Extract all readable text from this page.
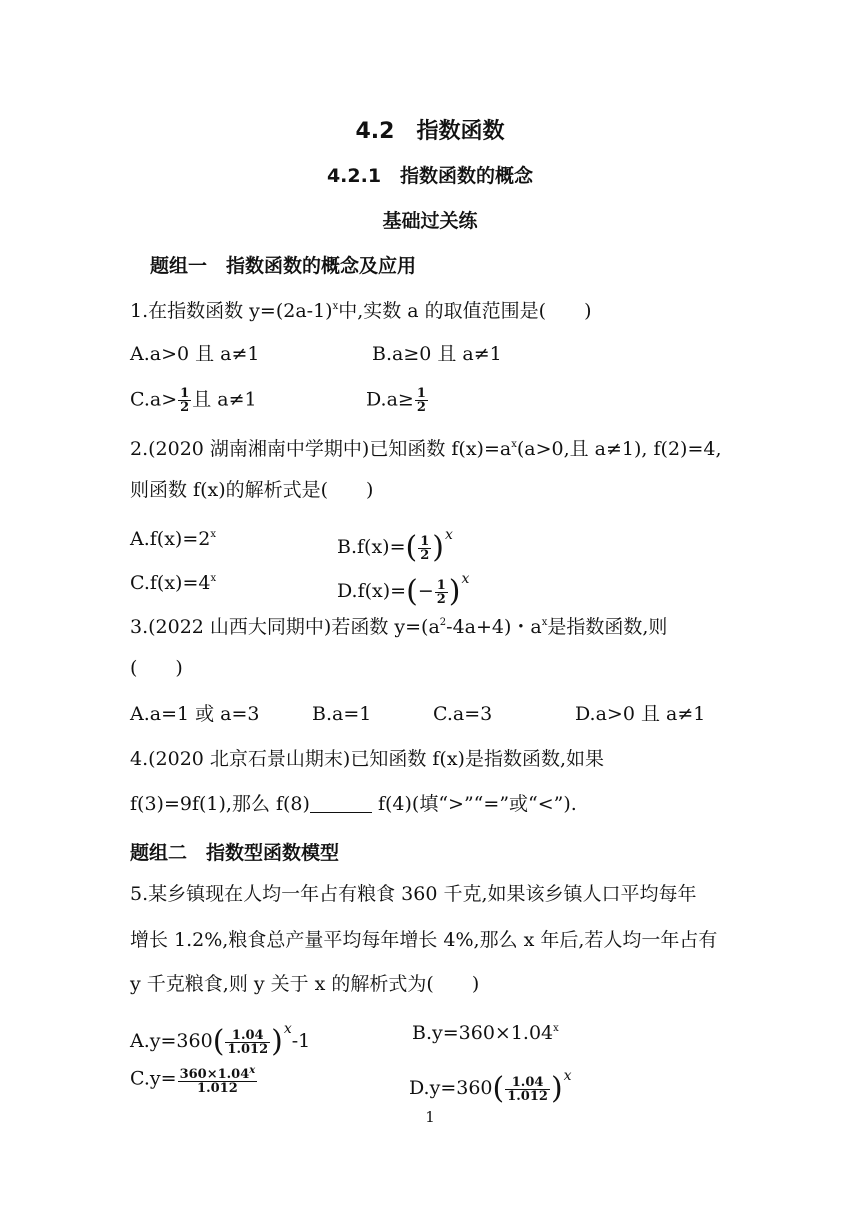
4.2　指数函数
4.2.1　指数函数的概念
基础过关练
题组一　指数函数的概念及应用
1.在指数函数 $y=(2a-1)^x$中,实数 a 的取值范围是(　　)
A.a>0 且 a≠1	B.a≥0 且 a≠1
$C.a> \frac{1}{2}$ 且 a≠1	$D.a\ge \frac{1}{2}$
2.(2020 湖南湘南中学期中)已知函数 $f(x)=a^x(a>0$,且 a≠1), f(2)=4,
则函数 f(x)的解析式是(　　)
$A.f(x)=2^x$
$B.f(x)=( \frac{1}{2} )^x$
$C.f(x)=4^x$
$D.f(x)=(- \frac{1}{2} )^x$
3.(2022 山西大同期中)若函数 $y=(a^2-4a+4)$・$a^x$是指数函数,则
(　　)
A.a=1 或 a=3	B.a=1	C.a=3	D.a>0 且 a≠1
4.(2020 北京石景山期末)已知函数 f(x)是指数函数,如果
f(3)=9f(1),那么 f(8)	f(4)(填“>”“=”或“<”).
题组二　指数型函数模型
5.某乡镇现在人均一年占有粮食 360 千克,如果该乡镇人口平均每年
增长 1.2%,粮食总产量平均每年增长 4%,那么 x 年后,若人均一年占有
y 千克粮食,则 y 关于 x 的解析式为(　　)
$A.y=360( \frac{1.04}{1.012} )^x-1$	$B.y=360\times 1.04^x$
$C.y= \frac{360\times 1.04^x}{1.012}$	$D.y=360( \frac{1.04}{1.012} )^x$
1
